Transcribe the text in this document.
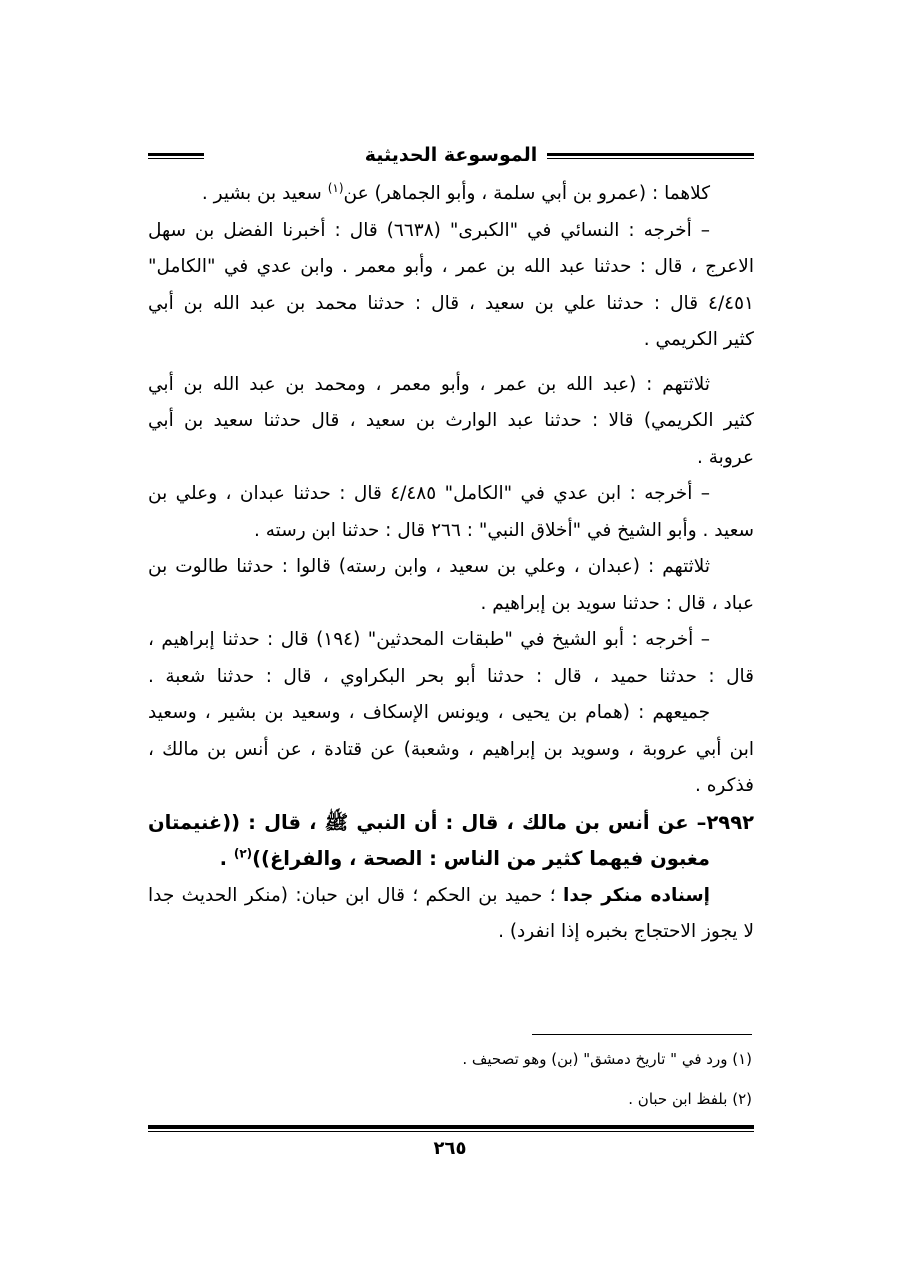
الموسوعة الحديثية
كلاهما : (عمرو بن أبي سلمة ، وأبو الجماهر) عن$^{(١)}$ سعيد بن بشير .
– أخرجه : النسائي في "الكبرى" (٦٦٣٨) قال : أخبرنا الفضل بن سهل
الاعرج ، قال : حدثنا عبد الله بن عمر ، وأبو معمر . وابن عدي في "الكامل"
٤/٤٥١ قال : حدثنا علي بن سعيد ، قال : حدثنا محمد بن عبد الله بن أبي
كثير الكريمي .
ثلاثتهم : (عبد الله بن عمر ، وأبو معمر ، ومحمد بن عبد الله بن أبي
كثير الكريمي) قالا : حدثنا عبد الوارث بن سعيد ، قال حدثنا سعيد بن أبي
عروبة .
– أخرجه : ابن عدي في "الكامل" ٤/٤٨٥ قال : حدثنا عبدان ، وعلي بن
سعيد . وأبو الشيخ في "أخلاق النبي" : ٢٦٦ قال : حدثنا ابن رسته .
ثلاثتهم : (عبدان ، وعلي بن سعيد ، وابن رسته) قالوا : حدثنا طالوت بن
عباد ، قال : حدثنا سويد بن إبراهيم .
– أخرجه : أبو الشيخ في "طبقات المحدثين" (١٩٤) قال : حدثنا إبراهيم ،
قال : حدثنا حميد ، قال : حدثنا أبو بحر البكراوي ، قال : حدثنا شعبة .
جميعهم : (همام بن يحيى ، ويونس الإسكاف ، وسعيد بن بشير ، وسعيد
ابن أبي عروبة ، وسويد بن إبراهيم ، وشعبة) عن قتادة ، عن أنس بن مالك ،
فذكره .
٢٩٩٢– عن أنس بن مالك ، قال : أن النبي ﷺ ، قال : ((غنيمتان
مغبون فيهما كثير من الناس : الصحة ، والفراغ))$^{(٢)}$ .
إسناده منكر جدا ؛ حميد بن الحكم ؛ قال ابن حبان: (منكر الحديث جدا
لا يجوز الاحتجاج بخبره إذا انفرد) .
(١) ورد في " تاريخ دمشق" (بن) وهو تصحيف .
(٢) بلفظ ابن حبان .
٢٦٥
